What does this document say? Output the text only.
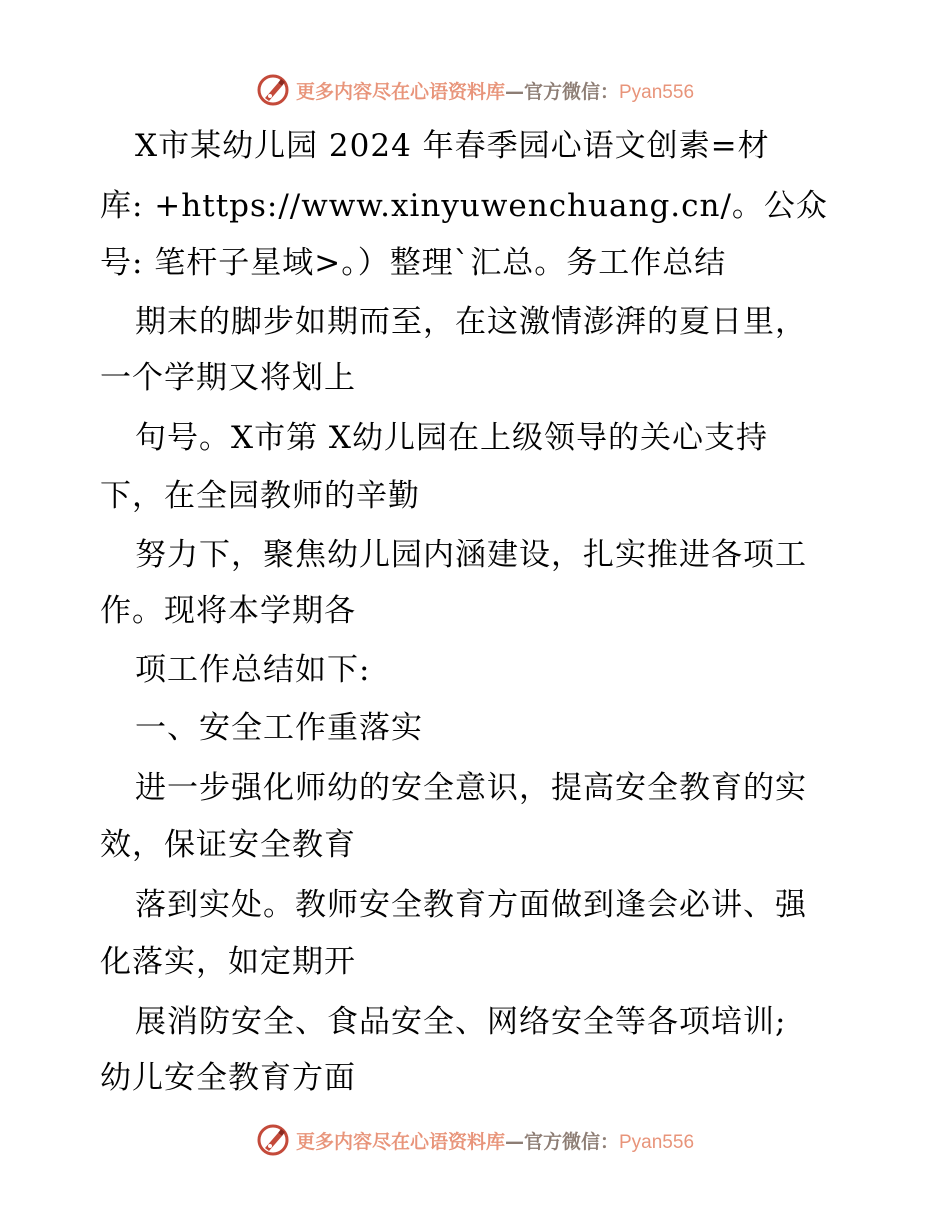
更多内容尽在心语资料库—官方微信：Pyan556
X市某幼儿园 2024 年春季园心语文创素=材
库: +https://www.xinyuwenchuang.cn/。公众
号: 笔杆子星域>。）整理`汇总。务工作总结
期末的脚步如期而至，在这激情澎湃的夏日里，
一个学期又将划上
句号。X市第 X幼儿园在上级领导的关心支持
下，在全园教师的辛勤
努力下，聚焦幼儿园内涵建设，扎实推进各项工
作。现将本学期各
项工作总结如下:
一、安全工作重落实
进一步强化师幼的安全意识，提高安全教育的实
效，保证安全教育
落到实处。教师安全教育方面做到逢会必讲、强
化落实，如定期开
展消防安全、食品安全、网络安全等各项培训;
幼儿安全教育方面
更多内容尽在心语资料库—官方微信：Pyan556
